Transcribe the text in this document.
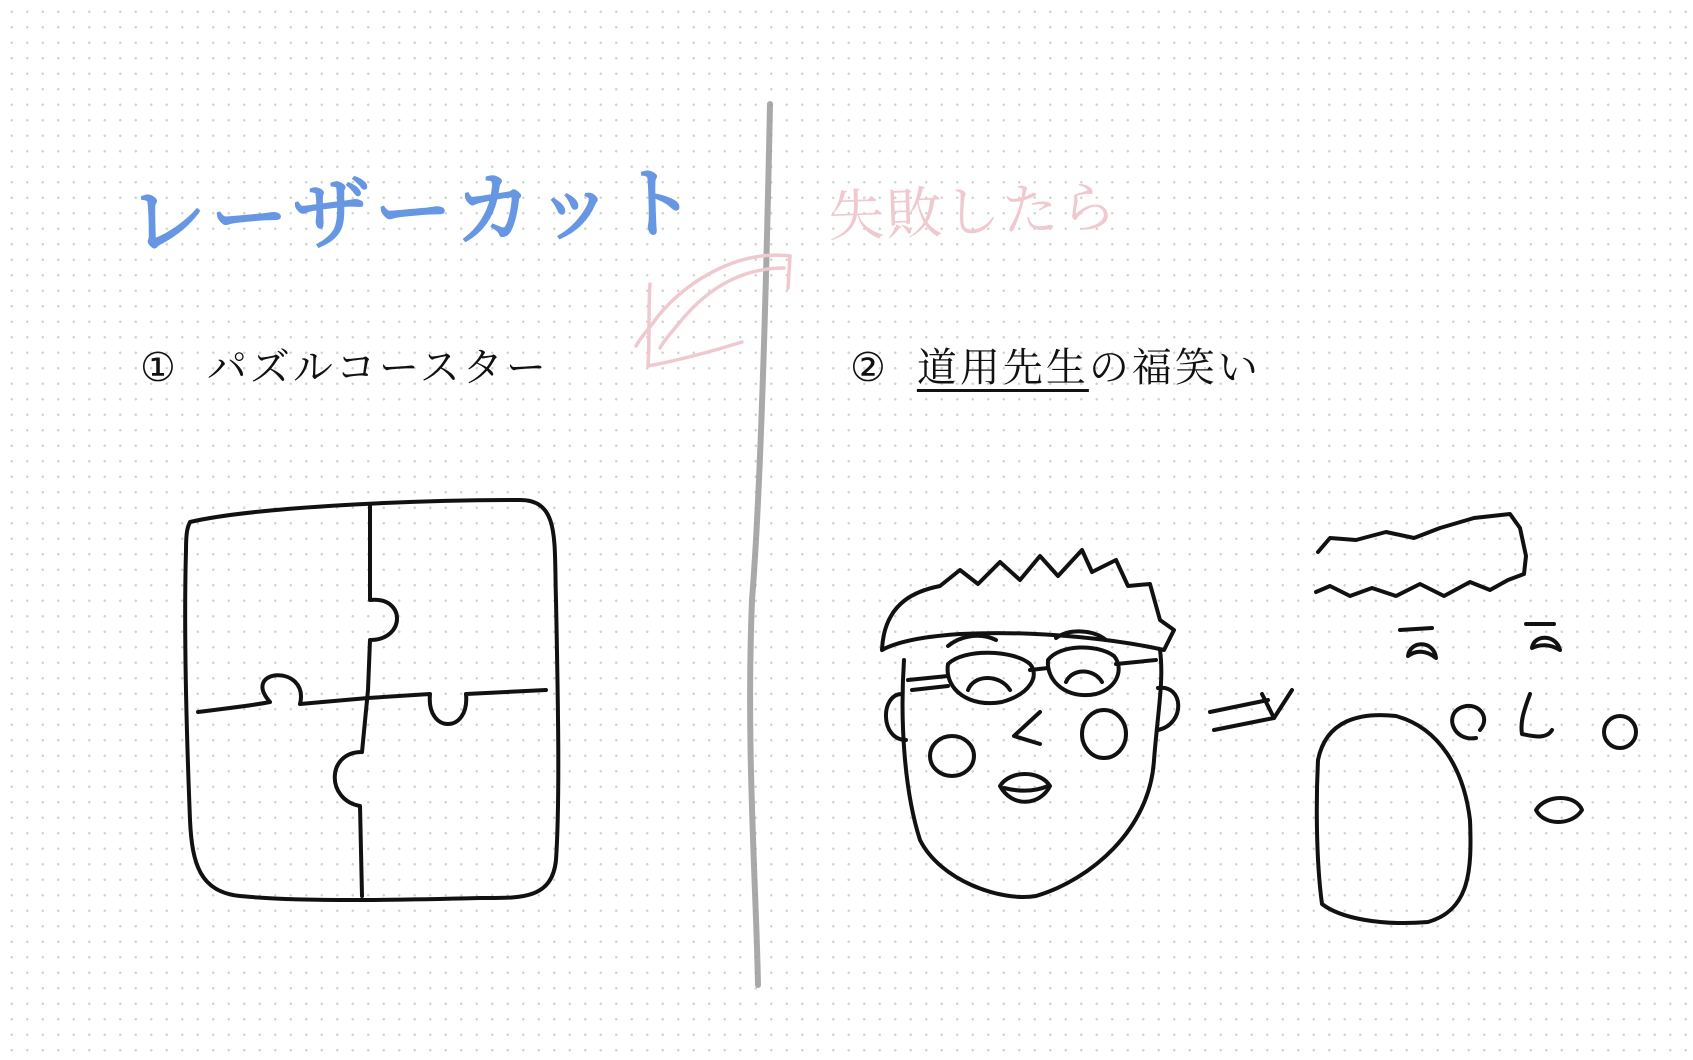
レーザーカット 失敗したら
① パズルコースター	② 道用先生の福笑い
